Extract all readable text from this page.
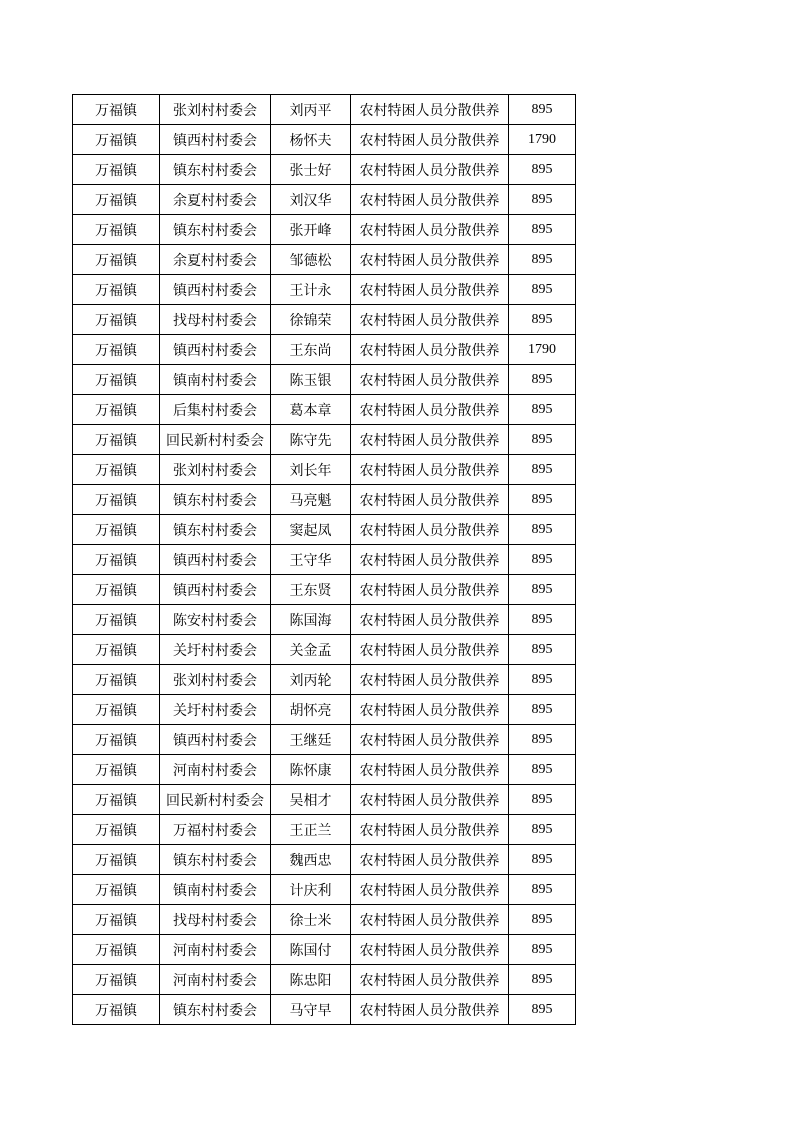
万福镇	张刘村村委会	刘丙平	农村特困人员分散供养	895
万福镇	镇西村村委会	杨怀夫	农村特困人员分散供养	1790
万福镇	镇东村村委会	张士好	农村特困人员分散供养	895
万福镇	余夏村村委会	刘汉华	农村特困人员分散供养	895
万福镇	镇东村村委会	张开峰	农村特困人员分散供养	895
万福镇	余夏村村委会	邹德松	农村特困人员分散供养	895
万福镇	镇西村村委会	王计永	农村特困人员分散供养	895
万福镇	找母村村委会	徐锦荣	农村特困人员分散供养	895
万福镇	镇西村村委会	王东尚	农村特困人员分散供养	1790
万福镇	镇南村村委会	陈玉银	农村特困人员分散供养	895
万福镇	后集村村委会	葛本章	农村特困人员分散供养	895
万福镇	回民新村村委会	陈守先	农村特困人员分散供养	895
万福镇	张刘村村委会	刘长年	农村特困人员分散供养	895
万福镇	镇东村村委会	马亮魁	农村特困人员分散供养	895
万福镇	镇东村村委会	窦起凤	农村特困人员分散供养	895
万福镇	镇西村村委会	王守华	农村特困人员分散供养	895
万福镇	镇西村村委会	王东贤	农村特困人员分散供养	895
万福镇	陈安村村委会	陈国海	农村特困人员分散供养	895
万福镇	关圩村村委会	关金孟	农村特困人员分散供养	895
万福镇	张刘村村委会	刘丙轮	农村特困人员分散供养	895
万福镇	关圩村村委会	胡怀亮	农村特困人员分散供养	895
万福镇	镇西村村委会	王继廷	农村特困人员分散供养	895
万福镇	河南村村委会	陈怀康	农村特困人员分散供养	895
万福镇	回民新村村委会	吴相才	农村特困人员分散供养	895
万福镇	万福村村委会	王正兰	农村特困人员分散供养	895
万福镇	镇东村村委会	魏西忠	农村特困人员分散供养	895
万福镇	镇南村村委会	计庆利	农村特困人员分散供养	895
万福镇	找母村村委会	徐士米	农村特困人员分散供养	895
万福镇	河南村村委会	陈国付	农村特困人员分散供养	895
万福镇	河南村村委会	陈忠阳	农村特困人员分散供养	895
万福镇	镇东村村委会	马守早	农村特困人员分散供养	895
